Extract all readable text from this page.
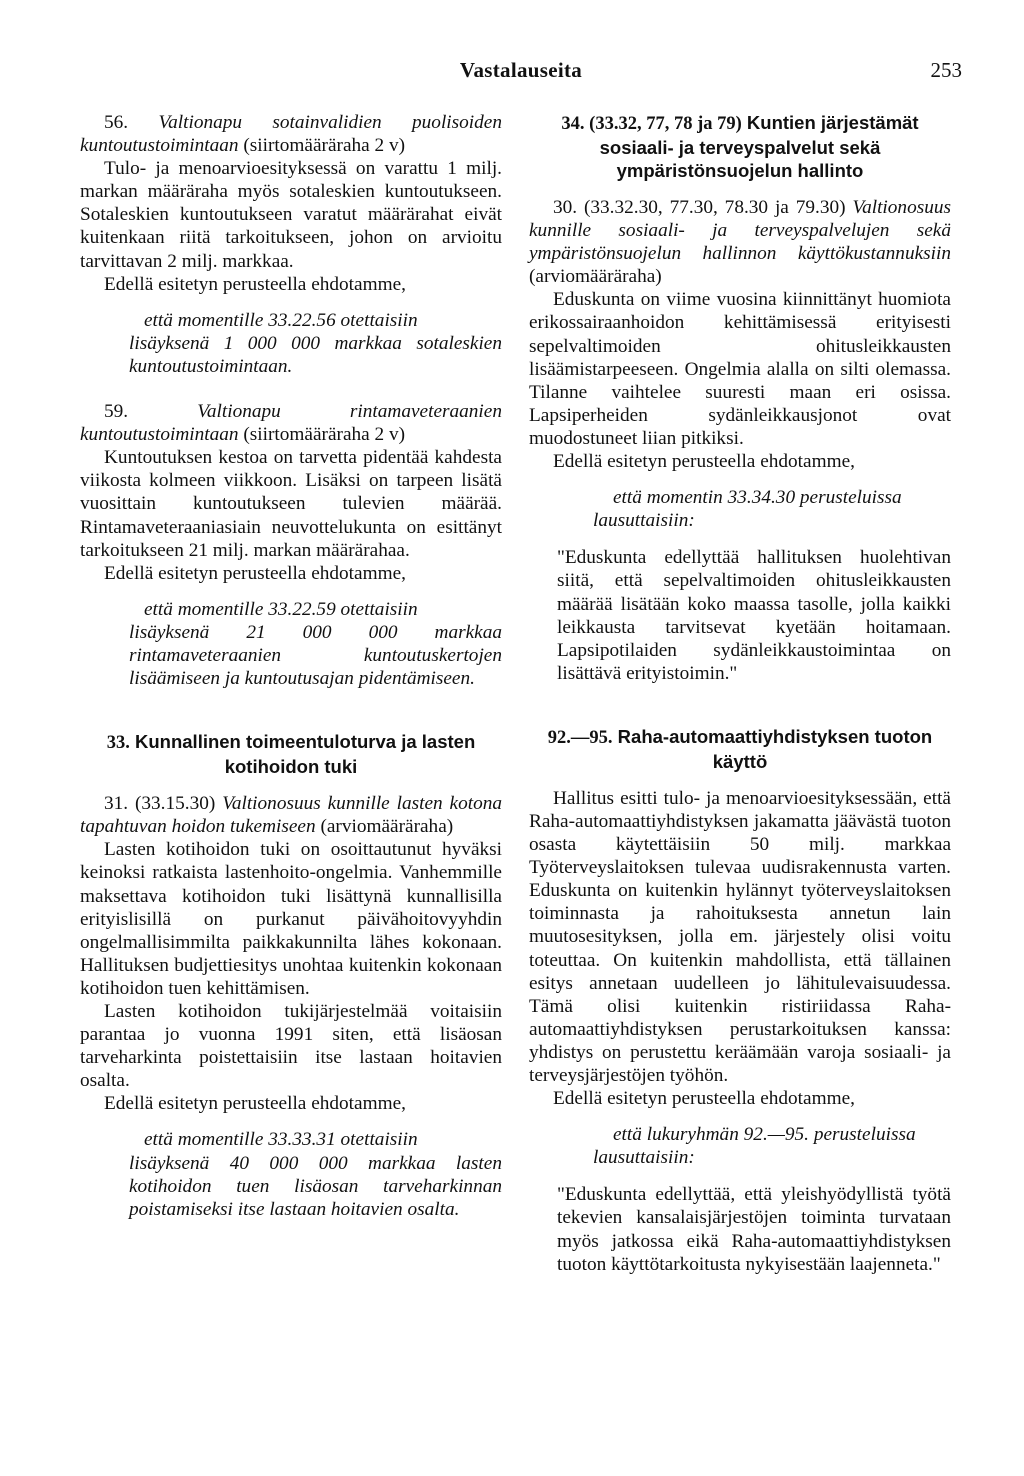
Vastalauseita	253

56. Valtionapu sotainvalidien puolisoiden kuntoutustoimintaan (siirtomääräraha 2 v)

Tulo- ja menoarvioesityksessä on varattu 1 milj. markan määräraha myös sotaleskien kuntoutukseen. Sotaleskien kuntoutukseen varatut määrärahat eivät kuitenkaan riitä tarkoitukseen, johon on arvioitu tarvittavan 2 milj. markkaa.

Edellä esitetyn perusteella ehdotamme,

että momentille 33.22.56 otettaisiin
lisäyksenä 1 000 000 markkaa sotaleskien kuntoutustoimintaan.

59.	Valtionapu rintamaveteraanien kuntoutustoimintaan (siirtomääräraha 2 v)

Kuntoutuksen kestoa on tarvetta pidentää kahdesta viikosta kolmeen viikkoon. Lisäksi on tarpeen lisätä vuosittain kuntoutukseen tulevien määrää. Rintamaveteraaniasiain neuvottelukunta on esittänyt tarkoitukseen 21 milj. markan määrärahaa.

Edellä esitetyn perusteella ehdotamme,

että momentille 33.22.59 otettaisiin
lisäyksenä 21 000 000 markkaa rintamaveteraanien kuntoutuskertojen lisäämiseen ja kuntoutusajan pidentämiseen.
33. Kunnallinen toimeentuloturva ja lasten kotihoidon tuki

31. (33.15.30) Valtionosuus kunnille lasten kotona tapahtuvan hoidon tukemiseen (arviomääräraha)

Lasten kotihoidon tuki on osoittautunut hyväksi keinoksi ratkaista lastenhoito-ongelmia. Vanhemmille maksettava kotihoidon tuki lisättynä kunnallisilla erityislisillä on purkanut päivähoitovyyhdin ongelmallisimmilta paikkakunnilta lähes kokonaan. Hallituksen budjettiesitys unohtaa kuitenkin kokonaan kotihoidon tuen kehittämisen.

Lasten kotihoidon tukijärjestelmää voitaisiin parantaa jo vuonna 1991 siten, että lisäosan tarveharkinta poistettaisiin itse lastaan hoitavien osalta.

Edellä esitetyn perusteella ehdotamme,

että momentille 33.33.31 otettaisiin
lisäyksenä 40 000 000 markkaa lasten kotihoidon tuen lisäosan tarveharkinnan poistamiseksi itse lastaan hoitavien osalta.
34. (33.32, 77, 78 ja 79) Kuntien järjestämät sosiaali- ja terveyspalvelut sekä ympäristönsuojelun hallinto

30. (33.32.30, 77.30, 78.30 ja 79.30) Valtionosuus kunnille sosiaali- ja terveyspalvelujen sekä ympäristönsuojelun hallinnon käyttökustannuksiin (arviomääräraha)

Eduskunta on viime vuosina kiinnittänyt huomiota erikossairaanhoidon kehittämisessä erityisesti sepelvaltimoiden ohitusleikkausten lisäämistarpeeseen. Ongelmia alalla on silti olemassa. Tilanne vaihtelee suuresti maan eri osissa. Lapsiperheiden sydänleikkausjonot ovat muodostuneet liian pitkiksi.

Edellä esitetyn perusteella ehdotamme,

että momentin 33.34.30 perusteluissa
lausuttaisiin:

"Eduskunta edellyttää hallituksen huolehtivan siitä, että sepelvaltimoiden ohitusleikkausten määrää lisätään koko maassa tasolle, jolla kaikki leikkausta tarvitsevat kyetään hoitamaan. Lapsipotilaiden sydänleikkaustoimintaa on lisättävä erityistoimin."

92.—95. Raha-automaattiyhdistyksen tuoton käyttö

Hallitus esitti tulo- ja menoarvioesityksessään, että Raha-automaattiyhdistyksen jakamatta jäävästä tuoton osasta käytettäisiin 50 milj. markkaa Työterveyslaitoksen tulevaa uudisrakennusta varten. Eduskunta on kuitenkin hylännyt työterveyslaitoksen toiminnasta ja rahoituksesta annetun lain muutosesityksen, jolla em. järjestely olisi voitu toteuttaa. On kuitenkin mahdollista, että tällainen esitys annetaan uudelleen jo lähitulevaisuudessa. Tämä olisi kuitenkin ristiriidassa Raha-automaattiyhdistyksen perustarkoituksen kanssa: yhdistys on perustettu keräämään varoja sosiaali- ja terveysjärjestöjen työhön.

Edellä esitetyn perusteella ehdotamme,

että lukuryhmän 92.—95. perusteluissa
lausuttaisiin:

"Eduskunta edellyttää, että yleishyödyllistä työtä tekevien kansalaisjärjestöjen toiminta turvataan myös jatkossa eikä Raha-automaattiyhdistyksen tuoton käyttötarkoitusta nykyisestään laajenneta."
